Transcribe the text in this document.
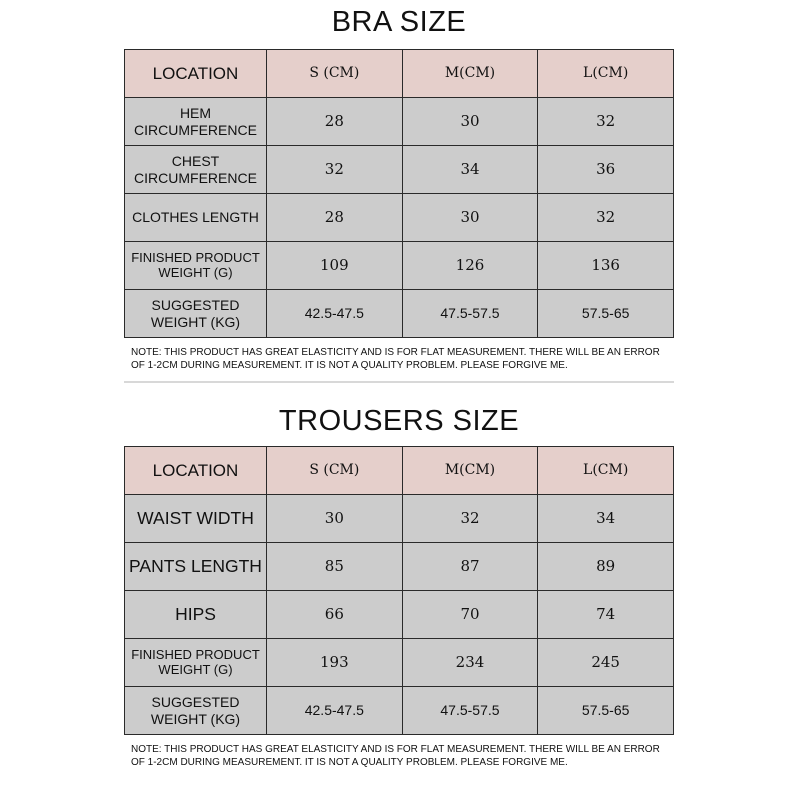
BRA SIZE
LOCATION	S (CM)	M(CM)	L(CM)
HEM CIRCUMFERENCE	28	30	32
CHEST CIRCUMFERENCE	32	34	36
CLOTHES LENGTH	28	30	32
FINISHED PRODUCT WEIGHT (G)	109	126	136
SUGGESTED WEIGHT (KG)	42.5-47.5	47.5-57.5	57.5-65
NOTE: THIS PRODUCT HAS GREAT ELASTICITY AND IS FOR FLAT MEASUREMENT. THERE WILL BE AN ERROR OF 1-2CM DURING MEASUREMENT. IT IS NOT A QUALITY PROBLEM. PLEASE FORGIVE ME.
TROUSERS SIZE
LOCATION	S (CM)	M(CM)	L(CM)
WAIST WIDTH	30	32	34
PANTS LENGTH	85	87	89
HIPS	66	70	74
FINISHED PRODUCT WEIGHT (G)	193	234	245
SUGGESTED WEIGHT (KG)	42.5-47.5	47.5-57.5	57.5-65
NOTE: THIS PRODUCT HAS GREAT ELASTICITY AND IS FOR FLAT MEASUREMENT. THERE WILL BE AN ERROR OF 1-2CM DURING MEASUREMENT. IT IS NOT A QUALITY PROBLEM. PLEASE FORGIVE ME.
